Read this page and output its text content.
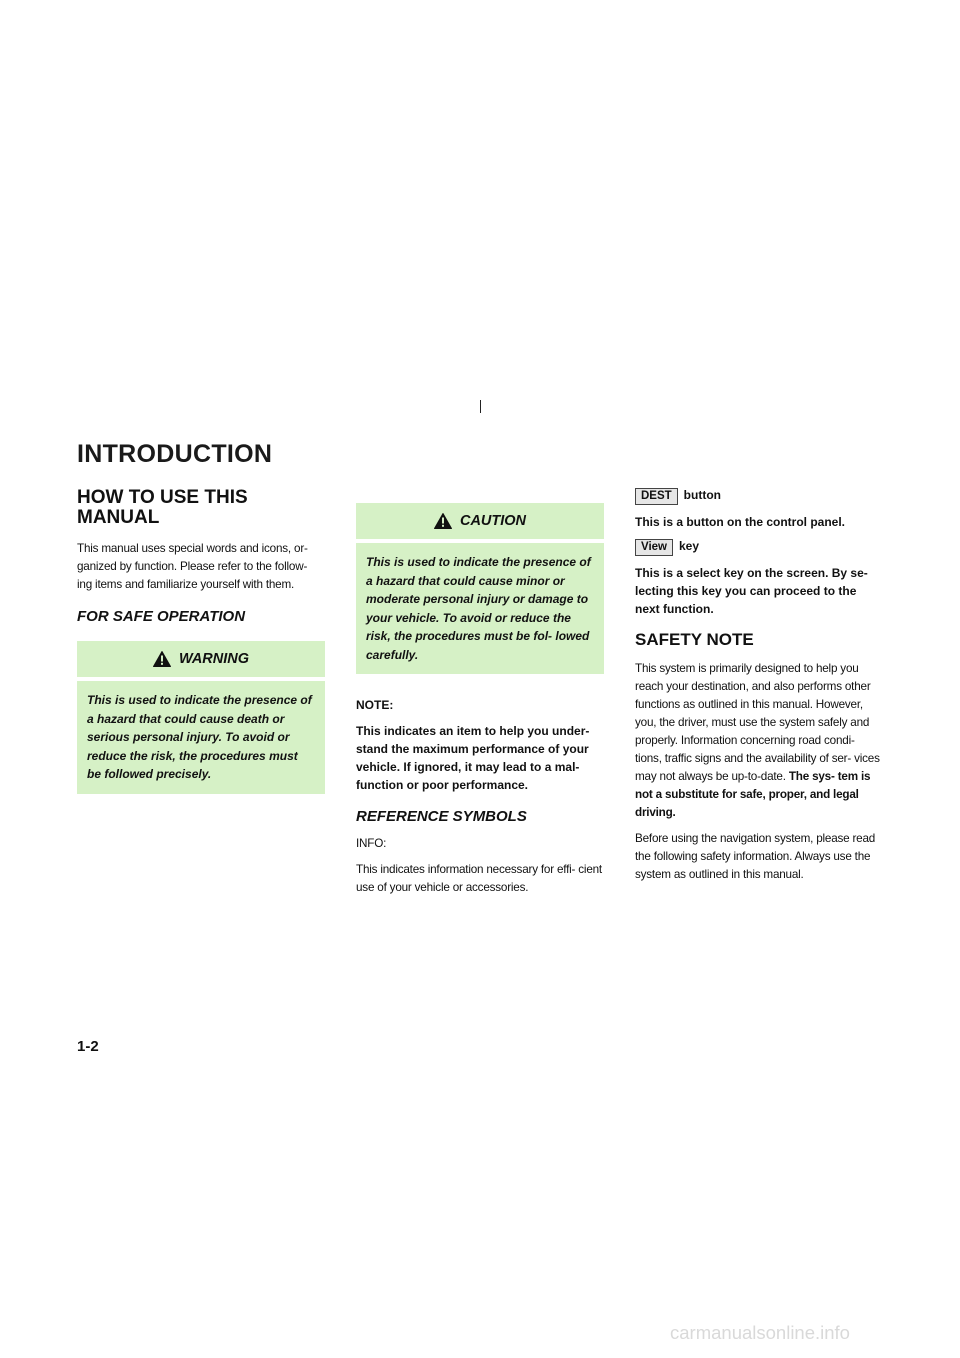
INTRODUCTION
HOW TO USE THIS
MANUAL

This manual uses special words and icons, or- ganized by function. Please refer to the follow- ing items and familiarize yourself with them.

FOR SAFE OPERATION
WARNING
This is used to indicate the presence of a hazard that could cause death or serious personal injury. To avoid or reduce the risk, the procedures must be followed precisely.
CAUTION
This is used to indicate the presence of a hazard that could cause minor or moderate personal injury or damage to your vehicle. To avoid or reduce the risk, the procedures must be fol- lowed carefully.

NOTE:

This indicates an item to help you under- stand the maximum performance of your vehicle. If ignored, it may lead to a mal- function or poor performance.

REFERENCE SYMBOLS

INFO:

This indicates information necessary for effi- cient use of your vehicle or accessories.

DEST button

This is a button on the control panel.

View key

This is a select key on the screen. By se- lecting this key you can proceed to the next function.

SAFETY NOTE

This system is primarily designed to help you reach your destination, and also performs other functions as outlined in this manual. However, you, the driver, must use the system safely and properly. Information concerning road condi- tions, traffic signs and the availability of ser- vices may not always be up-to-date. The sys- tem is not a substitute for safe, proper, and legal driving.

Before using the navigation system, please read the following safety information. Always use the system as outlined in this manual.

1-2
carmanualsonline.info
